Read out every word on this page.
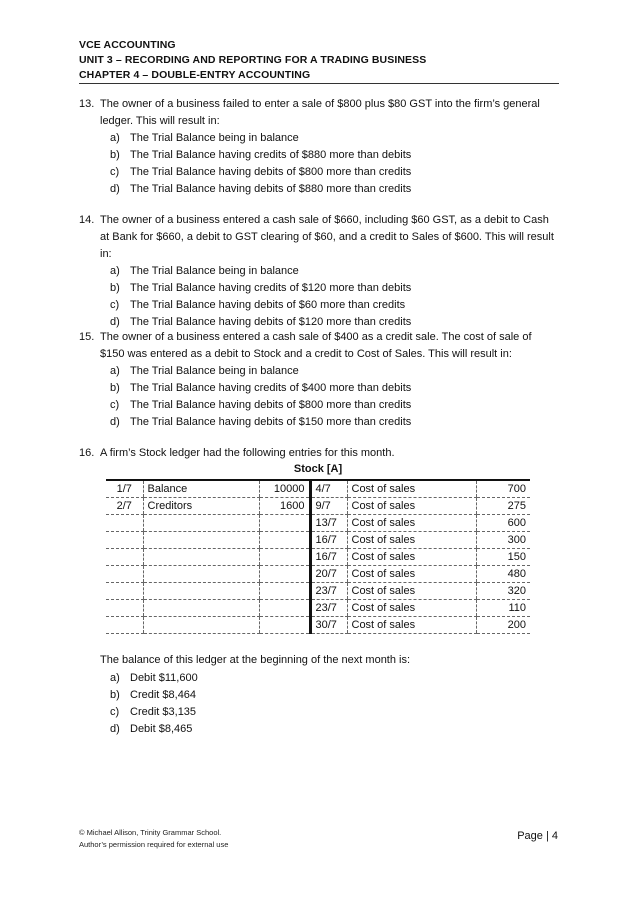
VCE ACCOUNTING
UNIT 3 – RECORDING AND REPORTING FOR A TRADING BUSINESS
CHAPTER 4 – DOUBLE-ENTRY ACCOUNTING
13. The owner of a business failed to enter a sale of $800 plus $80 GST into the firm’s general ledger. This will result in:
a) The Trial Balance being in balance
b) The Trial Balance having credits of $880 more than debits
c) The Trial Balance having debits of $800 more than credits
d) The Trial Balance having debits of $880 more than credits
14. The owner of a business entered a cash sale of $660, including $60 GST, as a debit to Cash at Bank for $660, a debit to GST clearing of $60, and a credit to Sales of $600. This will result in:
a) The Trial Balance being in balance
b) The Trial Balance having credits of $120 more than debits
c) The Trial Balance having debits of $60 more than credits
d) The Trial Balance having debits of $120 more than credits
15. The owner of a business entered a cash sale of $400 as a credit sale. The cost of sale of $150 was entered as a debit to Stock and a credit to Cost of Sales. This will result in:
a) The Trial Balance being in balance
b) The Trial Balance having credits of $400 more than debits
c) The Trial Balance having debits of $800 more than credits
d) The Trial Balance having debits of $150 more than credits
16. A firm’s Stock ledger had the following entries for this month.
Stock [A]
1/7	Balance	10000	4/7	Cost of sales	700
2/7	Creditors	1600	9/7	Cost of sales	275
			13/7	Cost of sales	600
			16/7	Cost of sales	300
			16/7	Cost of sales	150
			20/7	Cost of sales	480
			23/7	Cost of sales	320
			23/7	Cost of sales	110
			30/7	Cost of sales	200
The balance of this ledger at the beginning of the next month is:
a) Debit $11,600
b) Credit $8,464
c) Credit $3,135
d) Debit $8,465
© Michael Allison, Trinity Grammar School.
Author’s permission required for external use
Page | 4
